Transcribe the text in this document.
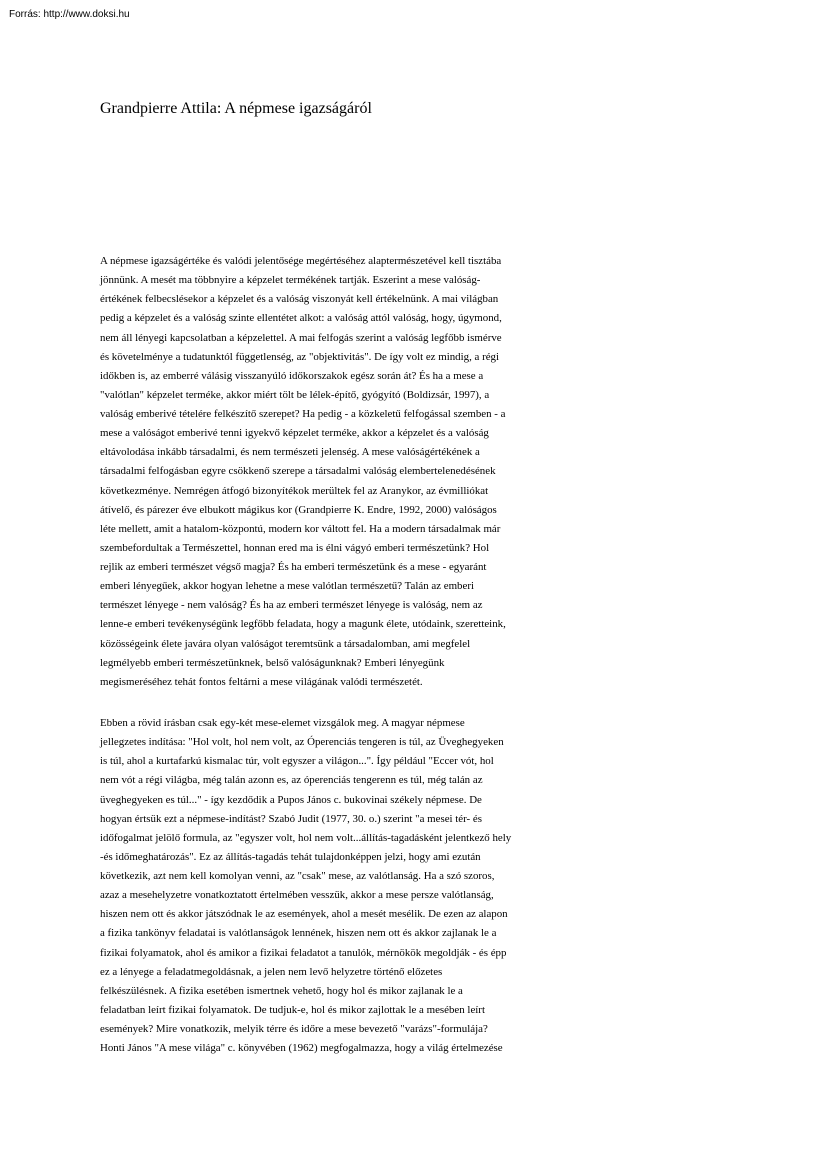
Forrás: http://www.doksi.hu
Grandpierre Attila: A népmese igazságáról
A népmese igazságértéke és valódi jelentősége megértéséhez alaptermészetével kell tisztába
jönnünk. A mesét ma többnyire a képzelet termékének tartják. Eszerint a mese valóság-
értékének felbecslésekor a képzelet és a valóság viszonyát kell értékelnünk. A mai világban
pedig a képzelet és a valóság szinte ellentétet alkot: a valóság attól valóság, hogy, úgymond,
nem áll lényegi kapcsolatban a képzelettel. A mai felfogás szerint a valóság legfőbb ismérve
és követelménye a tudatunktól függetlenség, az "objektivitás". De így volt ez mindig, a régi
időkben is, az emberré válásig visszanyúló időkorszakok egész során át? És ha a mese a
"valótlan" képzelet terméke, akkor miért tölt be lélek-építő, gyógyító (Boldizsár, 1997), a
valóság emberivé tételére felkészítő szerepet? Ha pedig - a közkeletű felfogással szemben - a
mese a valóságot emberivé tenni igyekvő képzelet terméke, akkor a képzelet és a valóság
eltávolodása inkább társadalmi, és nem természeti jelenség. A mese valóságértékének a
társadalmi felfogásban egyre csökkenő szerepe a társadalmi valóság elembertelenedésének
következménye. Nemrégen átfogó bizonyítékok merültek fel az Aranykor, az évmilliókat
átívelő, és párezer éve elbukott mágikus kor (Grandpierre K. Endre, 1992, 2000) valóságos
léte mellett, amit a hatalom-központú, modern kor váltott fel. Ha a modern társadalmak már
szembefordultak a Természettel, honnan ered ma is élni vágyó emberi természetünk? Hol
rejlik az emberi természet végső magja? És ha emberi természetünk és a mese - egyaránt
emberi lényegűek, akkor hogyan lehetne a mese valótlan természetű? Talán az emberi
természet lényege - nem valóság? És ha az emberi természet lényege is valóság, nem az
lenne-e emberi tevékenységünk legfőbb feladata, hogy a magunk élete, utódaink, szeretteink,
közösségeink élete javára olyan valóságot teremtsünk a társadalomban, ami megfelel
legmélyebb emberi természetünknek, belső valóságunknak? Emberi lényegünk
megismeréséhez tehát fontos feltárni a mese világának valódi természetét.
Ebben a rövid írásban csak egy-két mese-elemet vizsgálok meg. A magyar népmese
jellegzetes indítása: "Hol volt, hol nem volt, az Óperenciás tengeren is túl, az Üveghegyeken
is túl, ahol a kurtafarkú kismalac túr, volt egyszer a világon...". Így például "Eccer vót, hol
nem vót a régi világba, még talán azonn es, az óperenciás tengerenn es túl, még talán az
üveghegyeken es túl..." - így kezdődik a Pupos János c. bukovinai székely népmese. De
hogyan értsük ezt a népmese-indítást? Szabó Judit (1977, 30. o.) szerint "a mesei tér- és
időfogalmat jelölő formula, az "egyszer volt, hol nem volt...állítás-tagadásként jelentkező hely
-és időmeghatározás". Ez az állítás-tagadás tehát tulajdonképpen jelzi, hogy ami ezután
következik, azt nem kell komolyan venni, az "csak" mese, az valótlanság. Ha a szó szoros,
azaz a mesehelyzetre vonatkoztatott értelmében vesszük, akkor a mese persze valótlanság,
hiszen nem ott és akkor játszódnak le az események, ahol a mesét mesélik. De ezen az alapon
a fizika tankönyv feladatai is valótlanságok lennének, hiszen nem ott és akkor zajlanak le a
fizikai folyamatok, ahol és amikor a fizikai feladatot a tanulók, mérnökök megoldják - és épp
ez a lényege a feladatmegoldásnak, a jelen nem levő helyzetre történő előzetes
felkészülésnek. A fizika esetében ismertnek vehető, hogy hol és mikor zajlanak le a
feladatban leírt fizikai folyamatok. De tudjuk-e, hol és mikor zajlottak le a mesében leírt
események? Mire vonatkozik, melyik térre és időre a mese bevezető "varázs"-formulája?
Honti János "A mese világa" c. könyvében (1962) megfogalmazza, hogy a világ értelmezése
